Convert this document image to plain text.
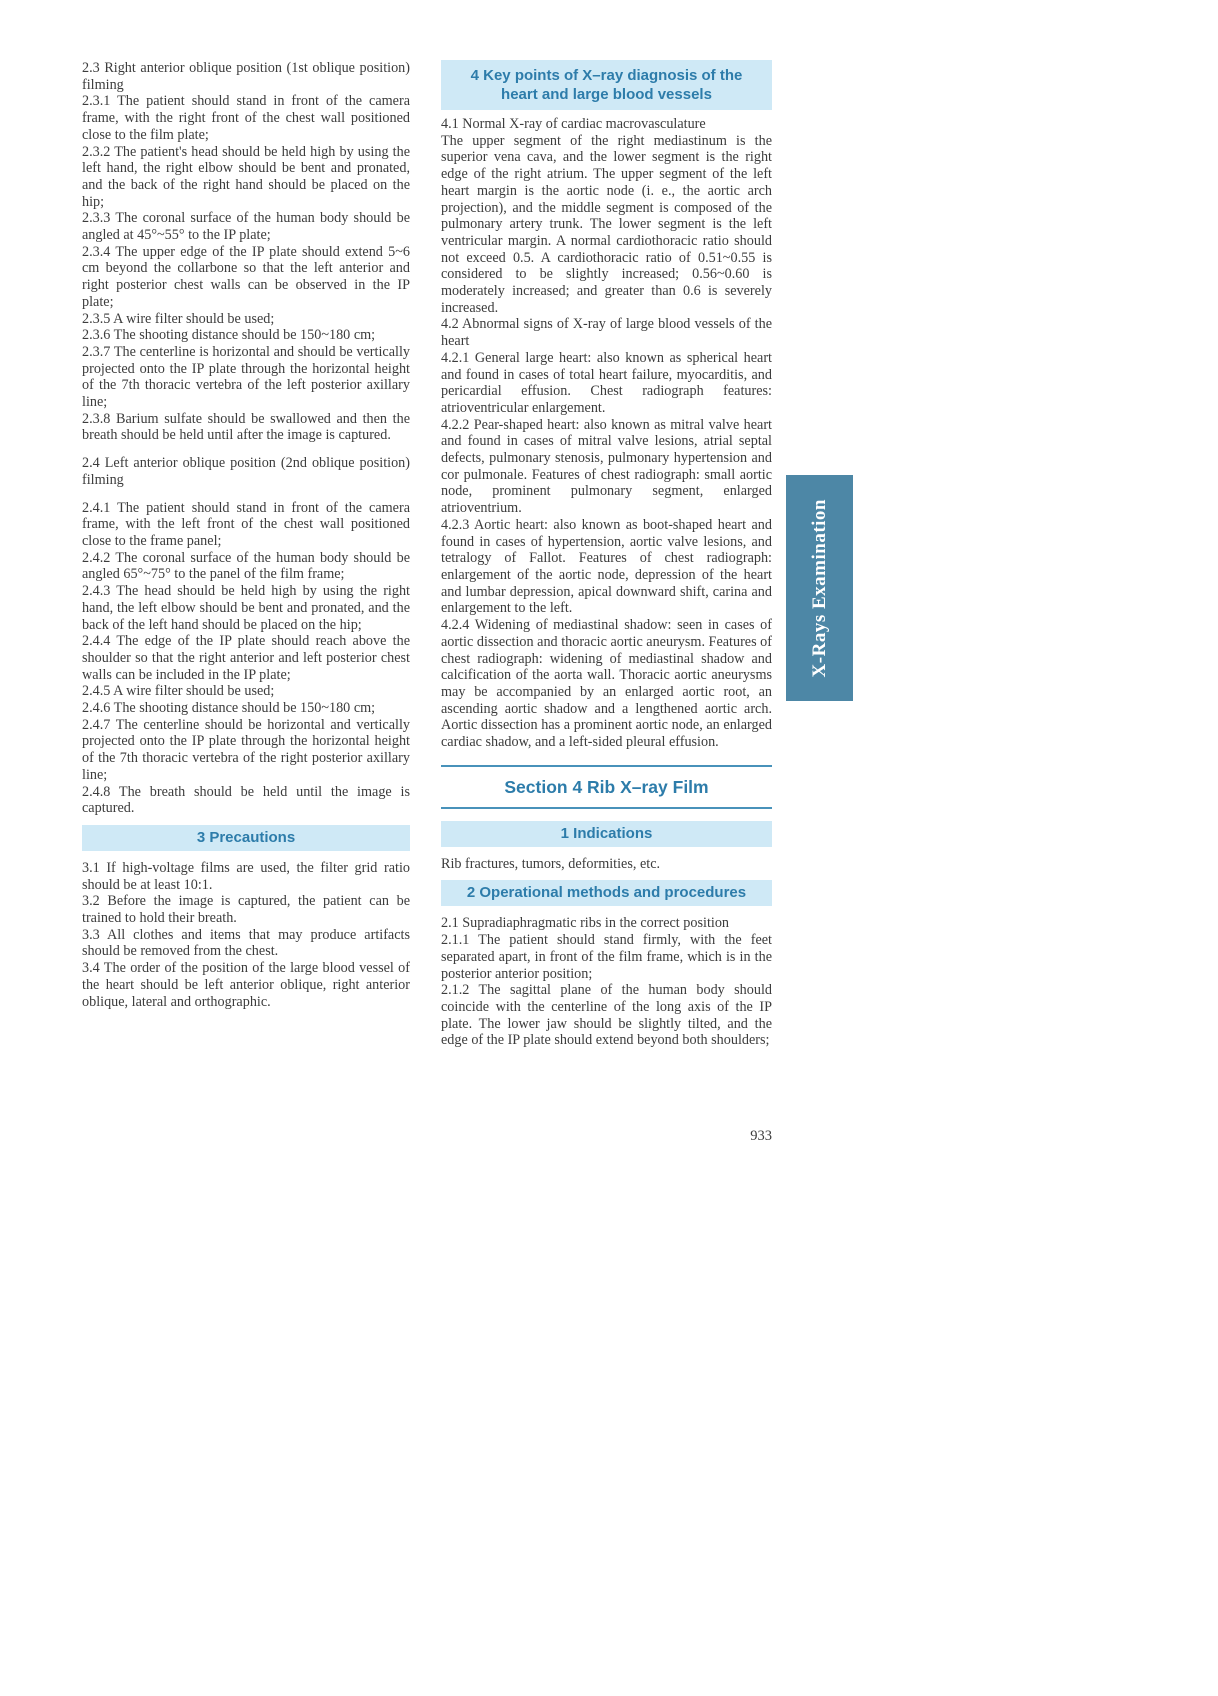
2.3 Right anterior oblique position (1st oblique position) filming

2.3.1 The patient should stand in front of the camera frame, with the right front of the chest wall positioned close to the film plate;

2.3.2 The patient's head should be held high by using the left hand, the right elbow should be bent and pronated, and the back of the right hand should be placed on the hip;

2.3.3 The coronal surface of the human body should be angled at 45°~55° to the IP plate;

2.3.4 The upper edge of the IP plate should extend 5~6 cm beyond the collarbone so that the left anterior and right posterior chest walls can be observed in the IP plate;

2.3.5 A wire filter should be used;

2.3.6 The shooting distance should be 150~180 cm;

2.3.7 The centerline is horizontal and should be vertically projected onto the IP plate through the horizontal height of the 7th thoracic vertebra of the left posterior axillary line;

2.3.8 Barium sulfate should be swallowed and then the breath should be held until after the image is captured.

2.4 Left anterior oblique position (2nd oblique position) filming

2.4.1 The patient should stand in front of the camera frame, with the left front of the chest wall positioned close to the frame panel;

2.4.2 The coronal surface of the human body should be angled 65°~75° to the panel of the film frame;

2.4.3 The head should be held high by using the right hand, the left elbow should be bent and pronated, and the back of the left hand should be placed on the hip;

2.4.4 The edge of the IP plate should reach above the shoulder so that the right anterior and left posterior chest walls can be included in the IP plate;

2.4.5 A wire filter should be used;

2.4.6 The shooting distance should be 150~180 cm;

2.4.7 The centerline should be horizontal and vertically projected onto the IP plate through the horizontal height of the 7th thoracic vertebra of the right posterior axillary line;

2.4.8 The breath should be held until the image is captured.

3 Precautions

3.1 If high-voltage films are used, the filter grid ratio should be at least 10:1.

3.2 Before the image is captured, the patient can be trained to hold their breath.

3.3 All clothes and items that may produce artifacts should be removed from the chest.

3.4 The order of the position of the large blood vessel of the heart should be left anterior oblique, right anterior oblique, lateral and orthographic.

4 Key points of X–ray diagnosis of the heart and large blood vessels

4.1 Normal X-ray of cardiac macrovasculature

The upper segment of the right mediastinum is the superior vena cava, and the lower segment is the right edge of the right atrium. The upper segment of the left heart margin is the aortic node (i. e., the aortic arch projection), and the middle segment is composed of the pulmonary artery trunk. The lower segment is the left ventricular margin. A normal cardiothoracic ratio should not exceed 0.5. A cardiothoracic ratio of 0.51~0.55 is considered to be slightly increased; 0.56~0.60 is moderately increased; and greater than 0.6 is severely increased.

4.2 Abnormal signs of X-ray of large blood vessels of the heart

4.2.1 General large heart: also known as spherical heart and found in cases of total heart failure, myocarditis, and pericardial effusion. Chest radiograph features: atrioventricular enlargement.

4.2.2 Pear-shaped heart: also known as mitral valve heart and found in cases of mitral valve lesions, atrial septal defects, pulmonary stenosis, pulmonary hypertension and cor pulmonale. Features of chest radiograph: small aortic node, prominent pulmonary segment, enlarged atrioventrium.

4.2.3 Aortic heart: also known as boot-shaped heart and found in cases of hypertension, aortic valve lesions, and tetralogy of Fallot. Features of chest radiograph: enlargement of the aortic node, depression of the heart and lumbar depression, apical downward shift, carina and enlargement to the left.

4.2.4 Widening of mediastinal shadow: seen in cases of aortic dissection and thoracic aortic aneurysm. Features of chest radiograph: widening of mediastinal shadow and calcification of the aorta wall. Thoracic aortic aneurysms may be accompanied by an enlarged aortic root, an ascending aortic shadow and a lengthened aortic arch. Aortic dissection has a prominent aortic node, an enlarged cardiac shadow, and a left-sided pleural effusion.

Section 4 Rib X–ray Film
1 Indications

Rib fractures, tumors, deformities, etc.

2 Operational methods and procedures

2.1 Supradiaphragmatic ribs in the correct position

2.1.1 The patient should stand firmly, with the feet separated apart, in front of the film frame, which is in the posterior anterior position;

2.1.2 The sagittal plane of the human body should coincide with the centerline of the long axis of the IP plate. The lower jaw should be slightly tilted, and the edge of the IP plate should extend beyond both shoulders;

933
X-Rays Examination
